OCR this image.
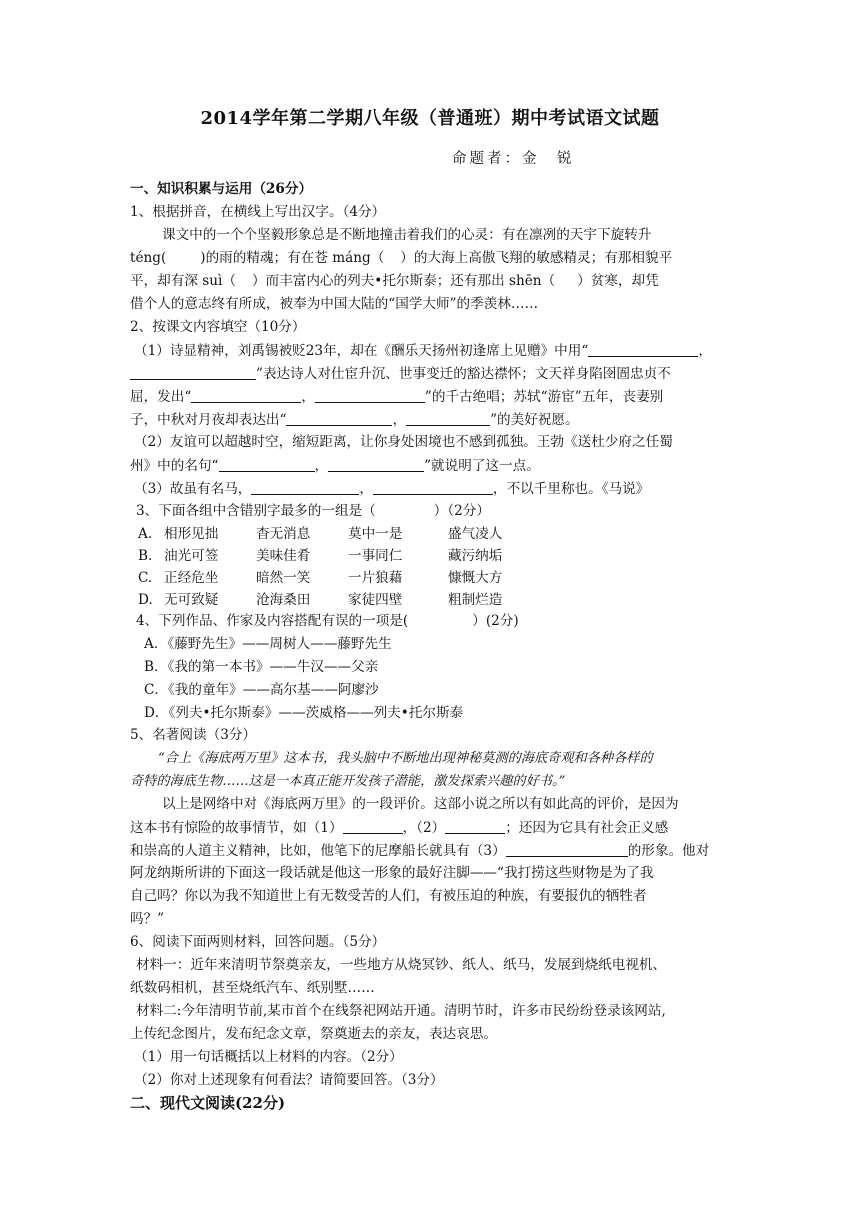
2014学年第二学期八年级（普通班）期中考试语文试题
命题者：金　锐
一、知识积累与运用（26分）
1、根据拼音，在横线上写出汉字。（4分）
课文中的一个个坚毅形象总是不断地撞击着我们的心灵：有在凛冽的天宇下旋转升
téng(	)的雨的精魂；有在苍 máng（ ）的大海上高傲飞翔的敏感精灵；有那相貌平
平，却有深 suì（ ）而丰富内心的列夫•托尔斯泰；还有那出 shēn（ ）贫寒，却凭
借个人的意志终有所成，被奉为中国大陆的“国学大师”的季羡林……
2、按课文内容填空（10分）
（1）诗显精神，刘禹锡被贬23年，却在《酬乐天扬州初逢席上见赠》中用“	，
”表达诗人对仕宦升沉、世事变迁的豁达襟怀；文天祥身陷囹圄忠贞不
屈，发出“	，	”的千古绝唱；苏轼“游宦”五年，丧妻别
子，中秋对月夜却表达出“	，	”的美好祝愿。
（2）友谊可以超越时空，缩短距离，让你身处困境也不感到孤独。王勃《送杜少府之任蜀
州》中的名句“	，	”就说明了这一点。
（3）故虽有名马，	，	，不以千里称也。《马说》
3、下面各组中含错别字最多的一组是（	）（2分）
A. 相形见拙	杳无消息	莫中一是	盛气凌人
B. 油光可签	美味佳肴	一事同仁	藏污纳垢
C. 正经危坐	暗然一笑	一片狼藉	慷慨大方
D. 无可致疑	沧海桑田	家徒四壁	粗制烂造
4、下列作品、作家及内容搭配有误的一项是(	）(2分)
A．《藤野先生》——周树人——藤野先生
B．《我的第一本书》——牛汉——父亲
C．《我的童年》——高尔基——阿廖沙
D．《列夫•托尔斯泰》——茨威格——列夫•托尔斯泰
5、名著阅读（3分）
“合上《海底两万里》这本书，我头脑中不断地出现神秘莫测的海底奇观和各种各样的
奇特的海底生物……这是一本真正能开发孩子潜能，激发探索兴趣的好书。”
以上是网络中对《海底两万里》的一段评价。这部小说之所以有如此高的评价，是因为
这本书有惊险的故事情节，如（1）	，（2）	；还因为它具有社会正义感
和崇高的人道主义精神，比如，他笔下的尼摩船长就具有（3）	的形象。他对
阿龙纳斯所讲的下面这一段话就是他这一形象的最好注脚——“我打捞这些财物是为了我
自己吗？你以为我不知道世上有无数受苦的人们，有被压迫的种族，有要报仇的牺牲者
吗？”
6、阅读下面两则材料，回答问题。（5分）
材料一：近年来清明节祭奠亲友，一些地方从烧冥钞、纸人、纸马，发展到烧纸电视机、
纸数码相机，甚至烧纸汽车、纸别墅……
材料二:今年清明节前,某市首个在线祭祀网站开通。清明节时，许多市民纷纷登录该网站,
上传纪念图片，发布纪念文章，祭奠逝去的亲友，表达哀思。
（1）用一句话概括以上材料的内容。（2分）
（2）你对上述现象有何看法？请简要回答。（3分）
二、现代文阅读(22分)
